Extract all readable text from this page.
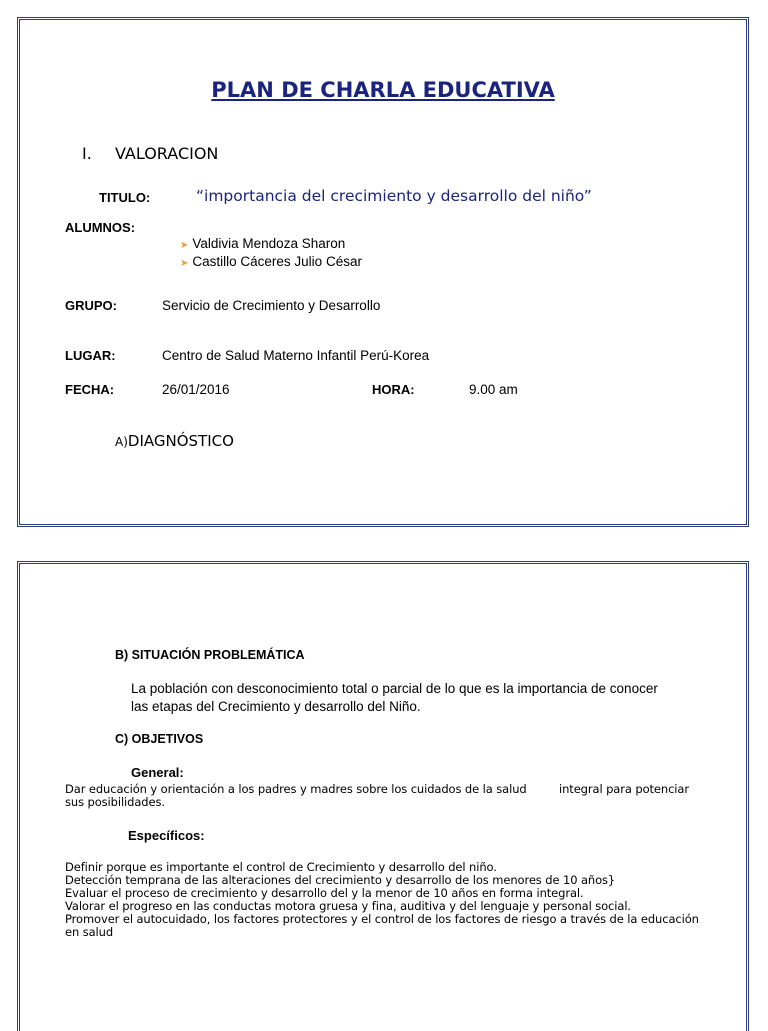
PLAN DE CHARLA EDUCATIVA
I. VALORACION
TITULO:	“importancia del crecimiento y desarrollo del niño”
ALUMNOS:
➤ Valdivia Mendoza Sharon
➤ Castillo Cáceres Julio César
GRUPO:	Servicio de Crecimiento y Desarrollo
LUGAR:	Centro de Salud Materno Infantil Perú-Korea
FECHA:	26/01/2016	HORA:	9.00 am
A)DIAGNÓSTICO
B) SITUACIÓN PROBLEMÁTICA
La población con desconocimiento total o parcial de lo que es la importancia de conocer
las etapas del Crecimiento y desarrollo del Niño.
C) OBJETIVOS
General:
Dar educación y orientación a los padres y madres sobre los cuidados de la salud	integral para potenciar
sus posibilidades.
Específicos:
Definir porque es importante el control de Crecimiento y desarrollo del niño.
Detección temprana de las alteraciones del crecimiento y desarrollo de los menores de 10 años}
Evaluar el proceso de crecimiento y desarrollo del y la menor de 10 años en forma integral.
Valorar el progreso en las conductas motora gruesa y fina, auditiva y del lenguaje y personal social.
Promover el autocuidado, los factores protectores y el control de los factores de riesgo a través de la educación
en salud
